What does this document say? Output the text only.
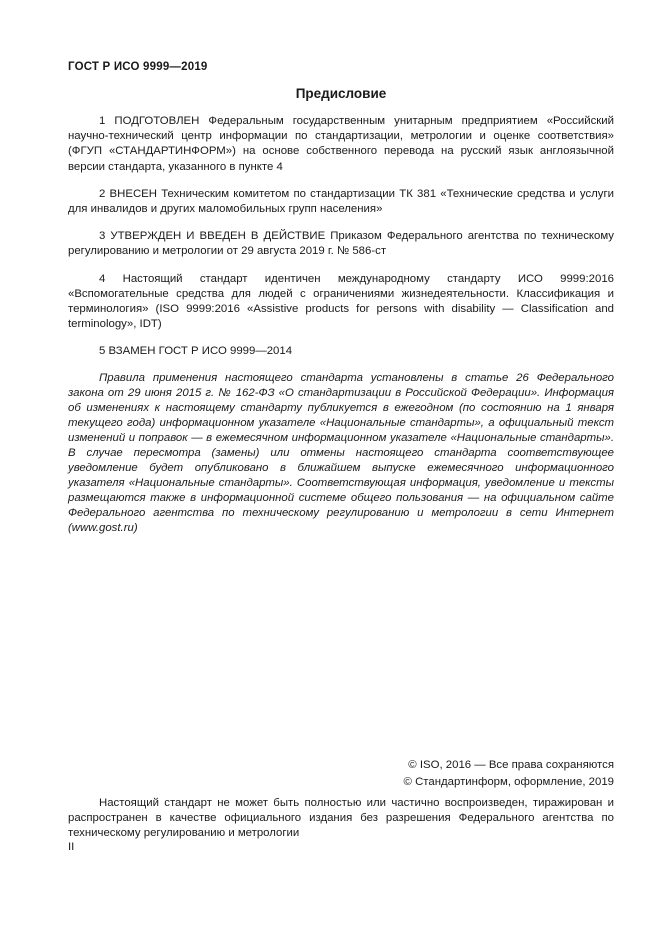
ГОСТ Р ИСО 9999—2019
Предисловие

1 ПОДГОТОВЛЕН Федеральным государственным унитарным предприятием «Российский научно-технический центр информации по стандартизации, метрологии и оценке соответствия» (ФГУП «СТАНДАРТИНФОРМ») на основе собственного перевода на русский язык англоязычной версии стандарта, указанного в пункте 4

2 ВНЕСЕН Техническим комитетом по стандартизации ТК 381 «Технические средства и услуги для инвалидов и других маломобильных групп населения»

3 УТВЕРЖДЕН И ВВЕДЕН В ДЕЙСТВИЕ Приказом Федерального агентства по техническому регулированию и метрологии от 29 августа 2019 г. № 586-ст

4 Настоящий стандарт идентичен международному стандарту ИСО 9999:2016 «Вспомогательные средства для людей с ограничениями жизнедеятельности. Классификация и терминология» (ISO 9999:2016 «Assistive products for persons with disability — Classification and terminology», IDT)

5 ВЗАМЕН ГОСТ Р ИСО 9999—2014

Правила применения настоящего стандарта установлены в статье 26 Федерального закона от 29 июня 2015 г. № 162-ФЗ «О стандартизации в Российской Федерации». Информация об изменениях к настоящему стандарту публикуется в ежегодном (по состоянию на 1 января текущего года) информационном указателе «Национальные стандарты», а официальный текст изменений и поправок — в ежемесячном информационном указателе «Национальные стандарты». В случае пересмотра (замены) или отмены настоящего стандарта соответствующее уведомление будет опубликовано в ближайшем выпуске ежемесячного информационного указателя «Национальные стандарты». Соответствующая информация, уведомление и тексты размещаются также в информационной системе общего пользования — на официальном сайте Федерального агентства по техническому регулированию и метрологии в сети Интернет (www.gost.ru)
© ISO, 2016 — Все права сохраняются
© Стандартинформ, оформление, 2019
Настоящий стандарт не может быть полностью или частично воспроизведен, тиражирован и распространен в качестве официального издания без разрешения Федерального агентства по техническому регулированию и метрологии
II
